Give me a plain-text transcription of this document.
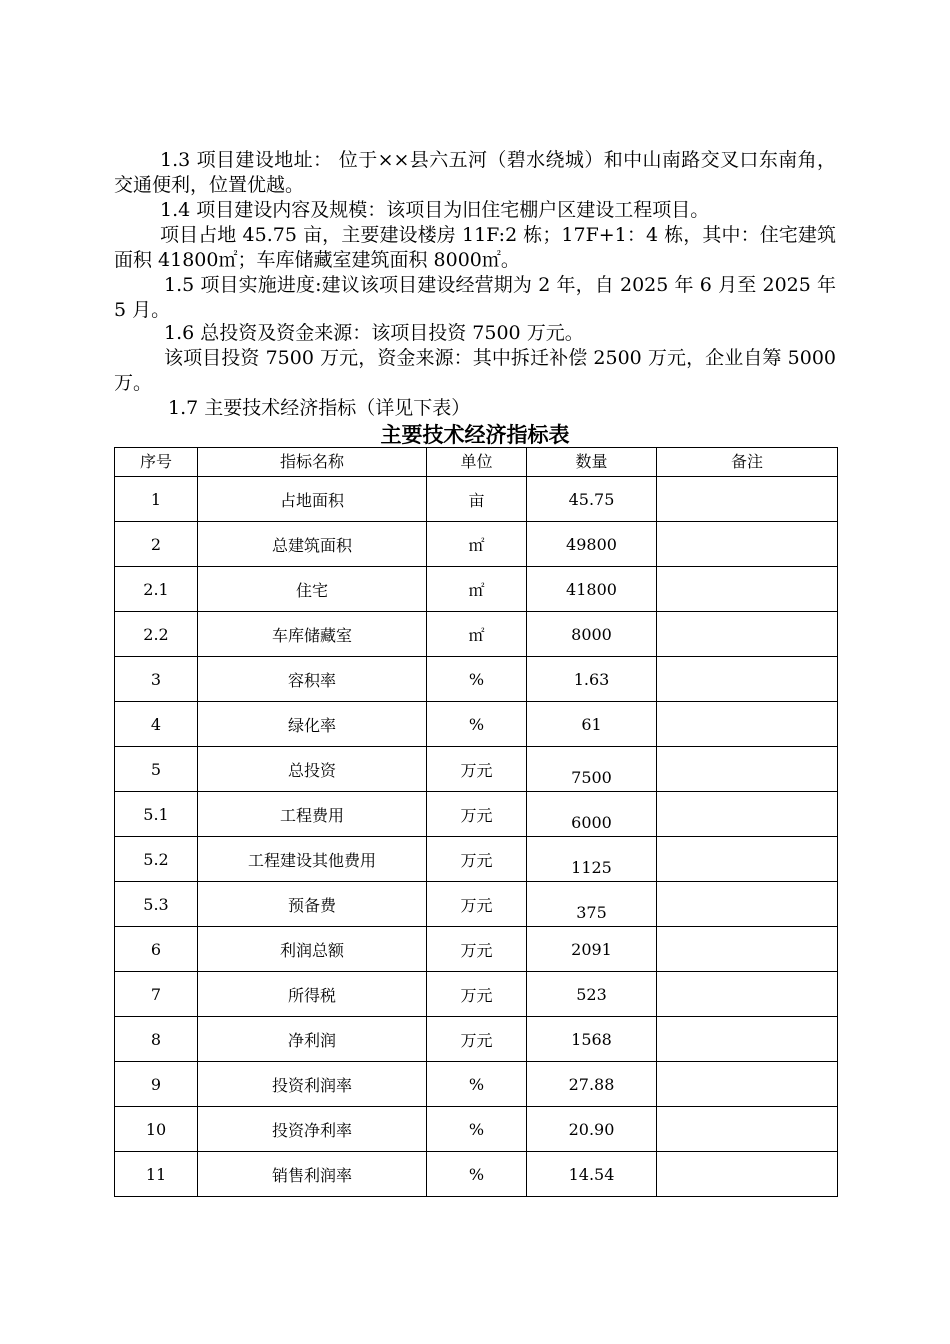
1.3 项目建设地址： 位于××县六五河（碧水绕城）和中山南路交叉口东南角，交通便利，位置优越。

1.4 项目建设内容及规模：该项目为旧住宅棚户区建设工程项目。

项目占地 45.75 亩，主要建设楼房 11F:2 栋；17F+1：4 栋，其中：住宅建筑面积 41800㎡；车库储藏室建筑面积 8000㎡。

1.5 项目实施进度:建议该项目建设经营期为 2 年，自 2025 年 6 月至 2025 年 5 月。

1.6 总投资及资金来源：该项目投资 7500 万元。

该项目投资 7500 万元，资金来源：其中拆迁补偿 2500 万元，企业自筹 5000 万。

1.7 主要技术经济指标（详见下表）

主要技术经济指标表
序号	指标名称	单位	数量	备注
1	占地面积	亩	45.75	
2	总建筑面积	㎡	49800	
2.1	住宅	㎡	41800	
2.2	车库储藏室	㎡	8000	
3	容积率	%	1.63	
4	绿化率	%	61	
5	总投资	万元	7500	

5.1	工程费用	万元	6000	

5.2	工程建设其他费用	万元	1125	

5.3	预备费	万元	375	

6	利润总额	万元	2091	
7	所得税	万元	523	
8	净利润	万元	1568	
9	投资利润率	%	27.88	
10	投资净利率	%	20.90	
11	销售利润率	%	14.54	
